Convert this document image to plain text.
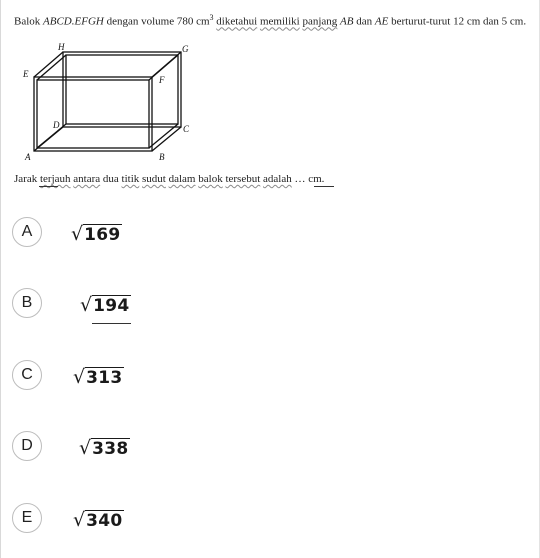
Balok ABCD.EFGH dengan volume 780 $cm^3$ diketahui memiliki panjang AB dan AE berturut-turut 12 cm dan 5 cm.
H	G
E
F
D	C
A	B
Jarak terjauh antara dua titik sudut dalam balok tersebut adalah … cm.
A	√ 169
B	√ 194
C	√ 313
D	√ 338
E	√ 340
